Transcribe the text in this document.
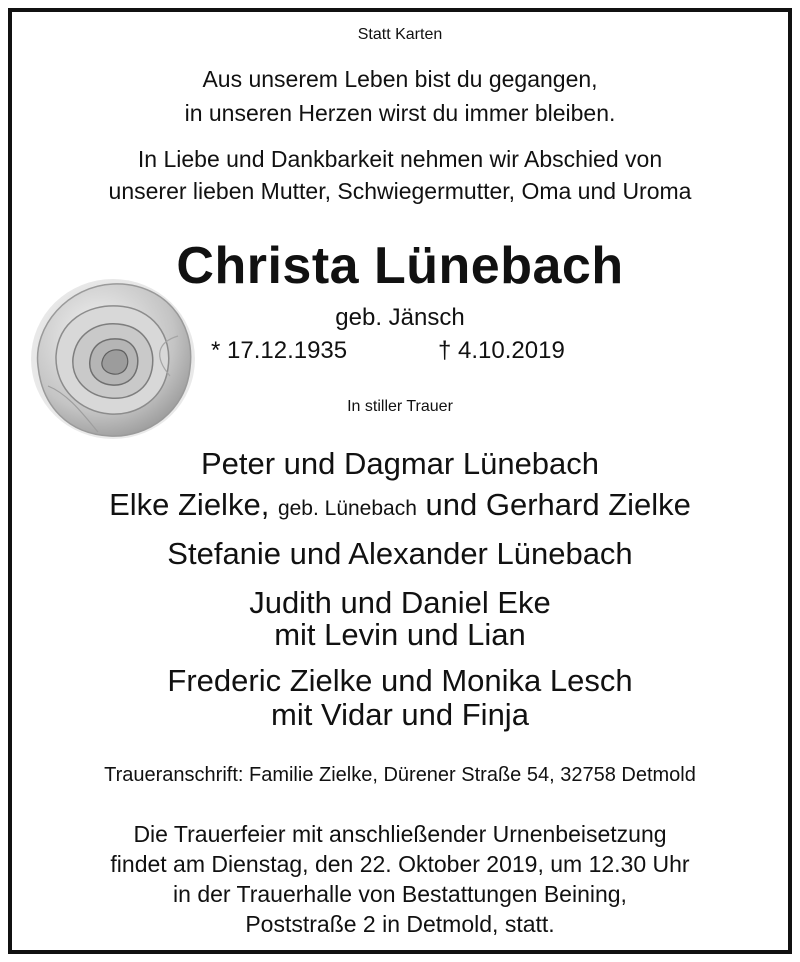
Statt Karten
Aus unserem Leben bist du gegangen,
in unseren Herzen wirst du immer bleiben.
In Liebe und Dankbarkeit nehmen wir Abschied von
unserer lieben Mutter, Schwiegermutter, Oma und Uroma
Christa Lünebach
geb. Jänsch
* 17.12.1935	† 4.10.2019
In stiller Trauer
Peter und Dagmar Lünebach
Elke Zielke, geb. Lünebach und Gerhard Zielke
Stefanie und Alexander Lünebach
Judith und Daniel Eke
mit Levin und Lian
Frederic Zielke und Monika Lesch
mit Vidar und Finja
Traueranschrift: Familie Zielke, Dürener Straße 54, 32758 Detmold
Die Trauerfeier mit anschließender Urnenbeisetzung
findet am Dienstag, den 22. Oktober 2019, um 12.30 Uhr
in der Trauerhalle von Bestattungen Beining,
Poststraße 2 in Detmold, statt.
